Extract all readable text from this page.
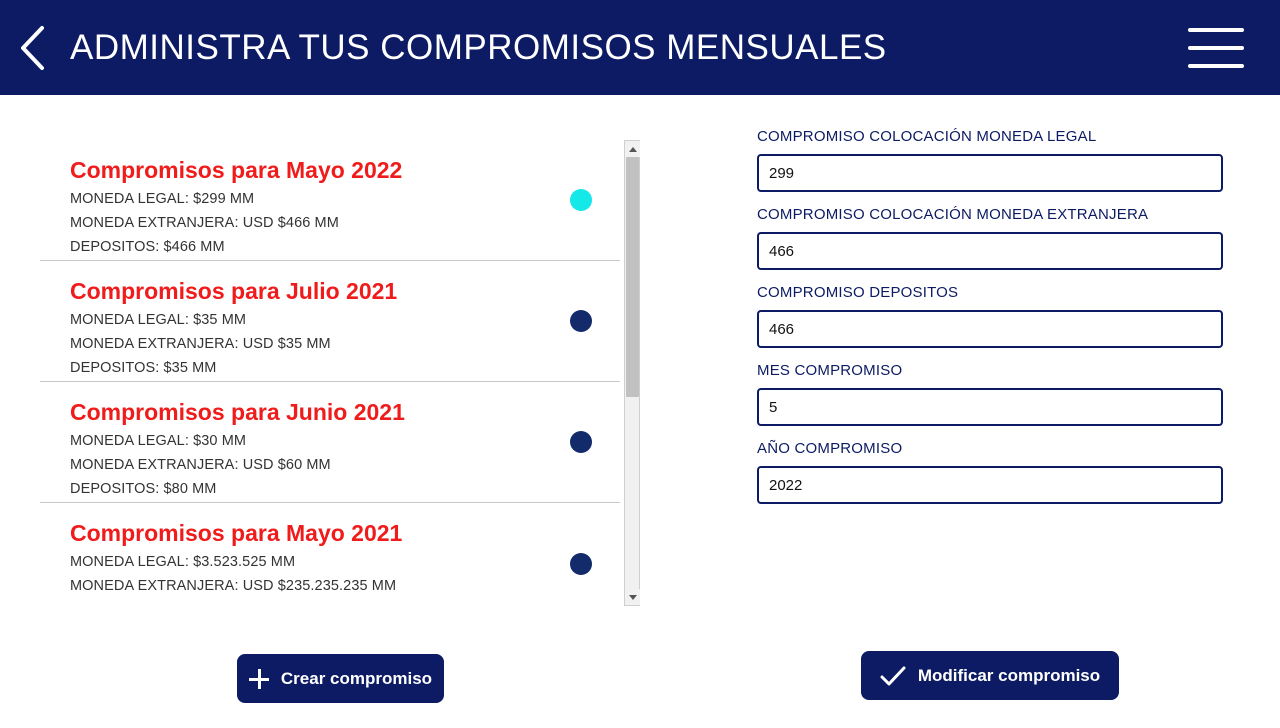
ADMINISTRA TUS COMPROMISOS MENSUALES

Compromisos para Mayo 2022

MONEDA LEGAL: $299 MM

MONEDA EXTRANJERA: USD $466 MM

DEPOSITOS: $466 MM

Compromisos para Julio 2021

MONEDA LEGAL: $35 MM

MONEDA EXTRANJERA: USD $35 MM

DEPOSITOS: $35 MM

Compromisos para Junio 2021

MONEDA LEGAL: $30 MM

MONEDA EXTRANJERA: USD $60 MM

DEPOSITOS: $80 MM

Compromisos para Mayo 2021

MONEDA LEGAL: $3.523.525 MM

MONEDA EXTRANJERA: USD $235.235.235 MM

COMPROMISO COLOCACIÓN MONEDA LEGAL
299
COMPROMISO COLOCACIÓN MONEDA EXTRANJERA
466
COMPROMISO DEPOSITOS
466
MES COMPROMISO
5
AÑO COMPROMISO
2022
Crear compromiso	Modificar compromiso
